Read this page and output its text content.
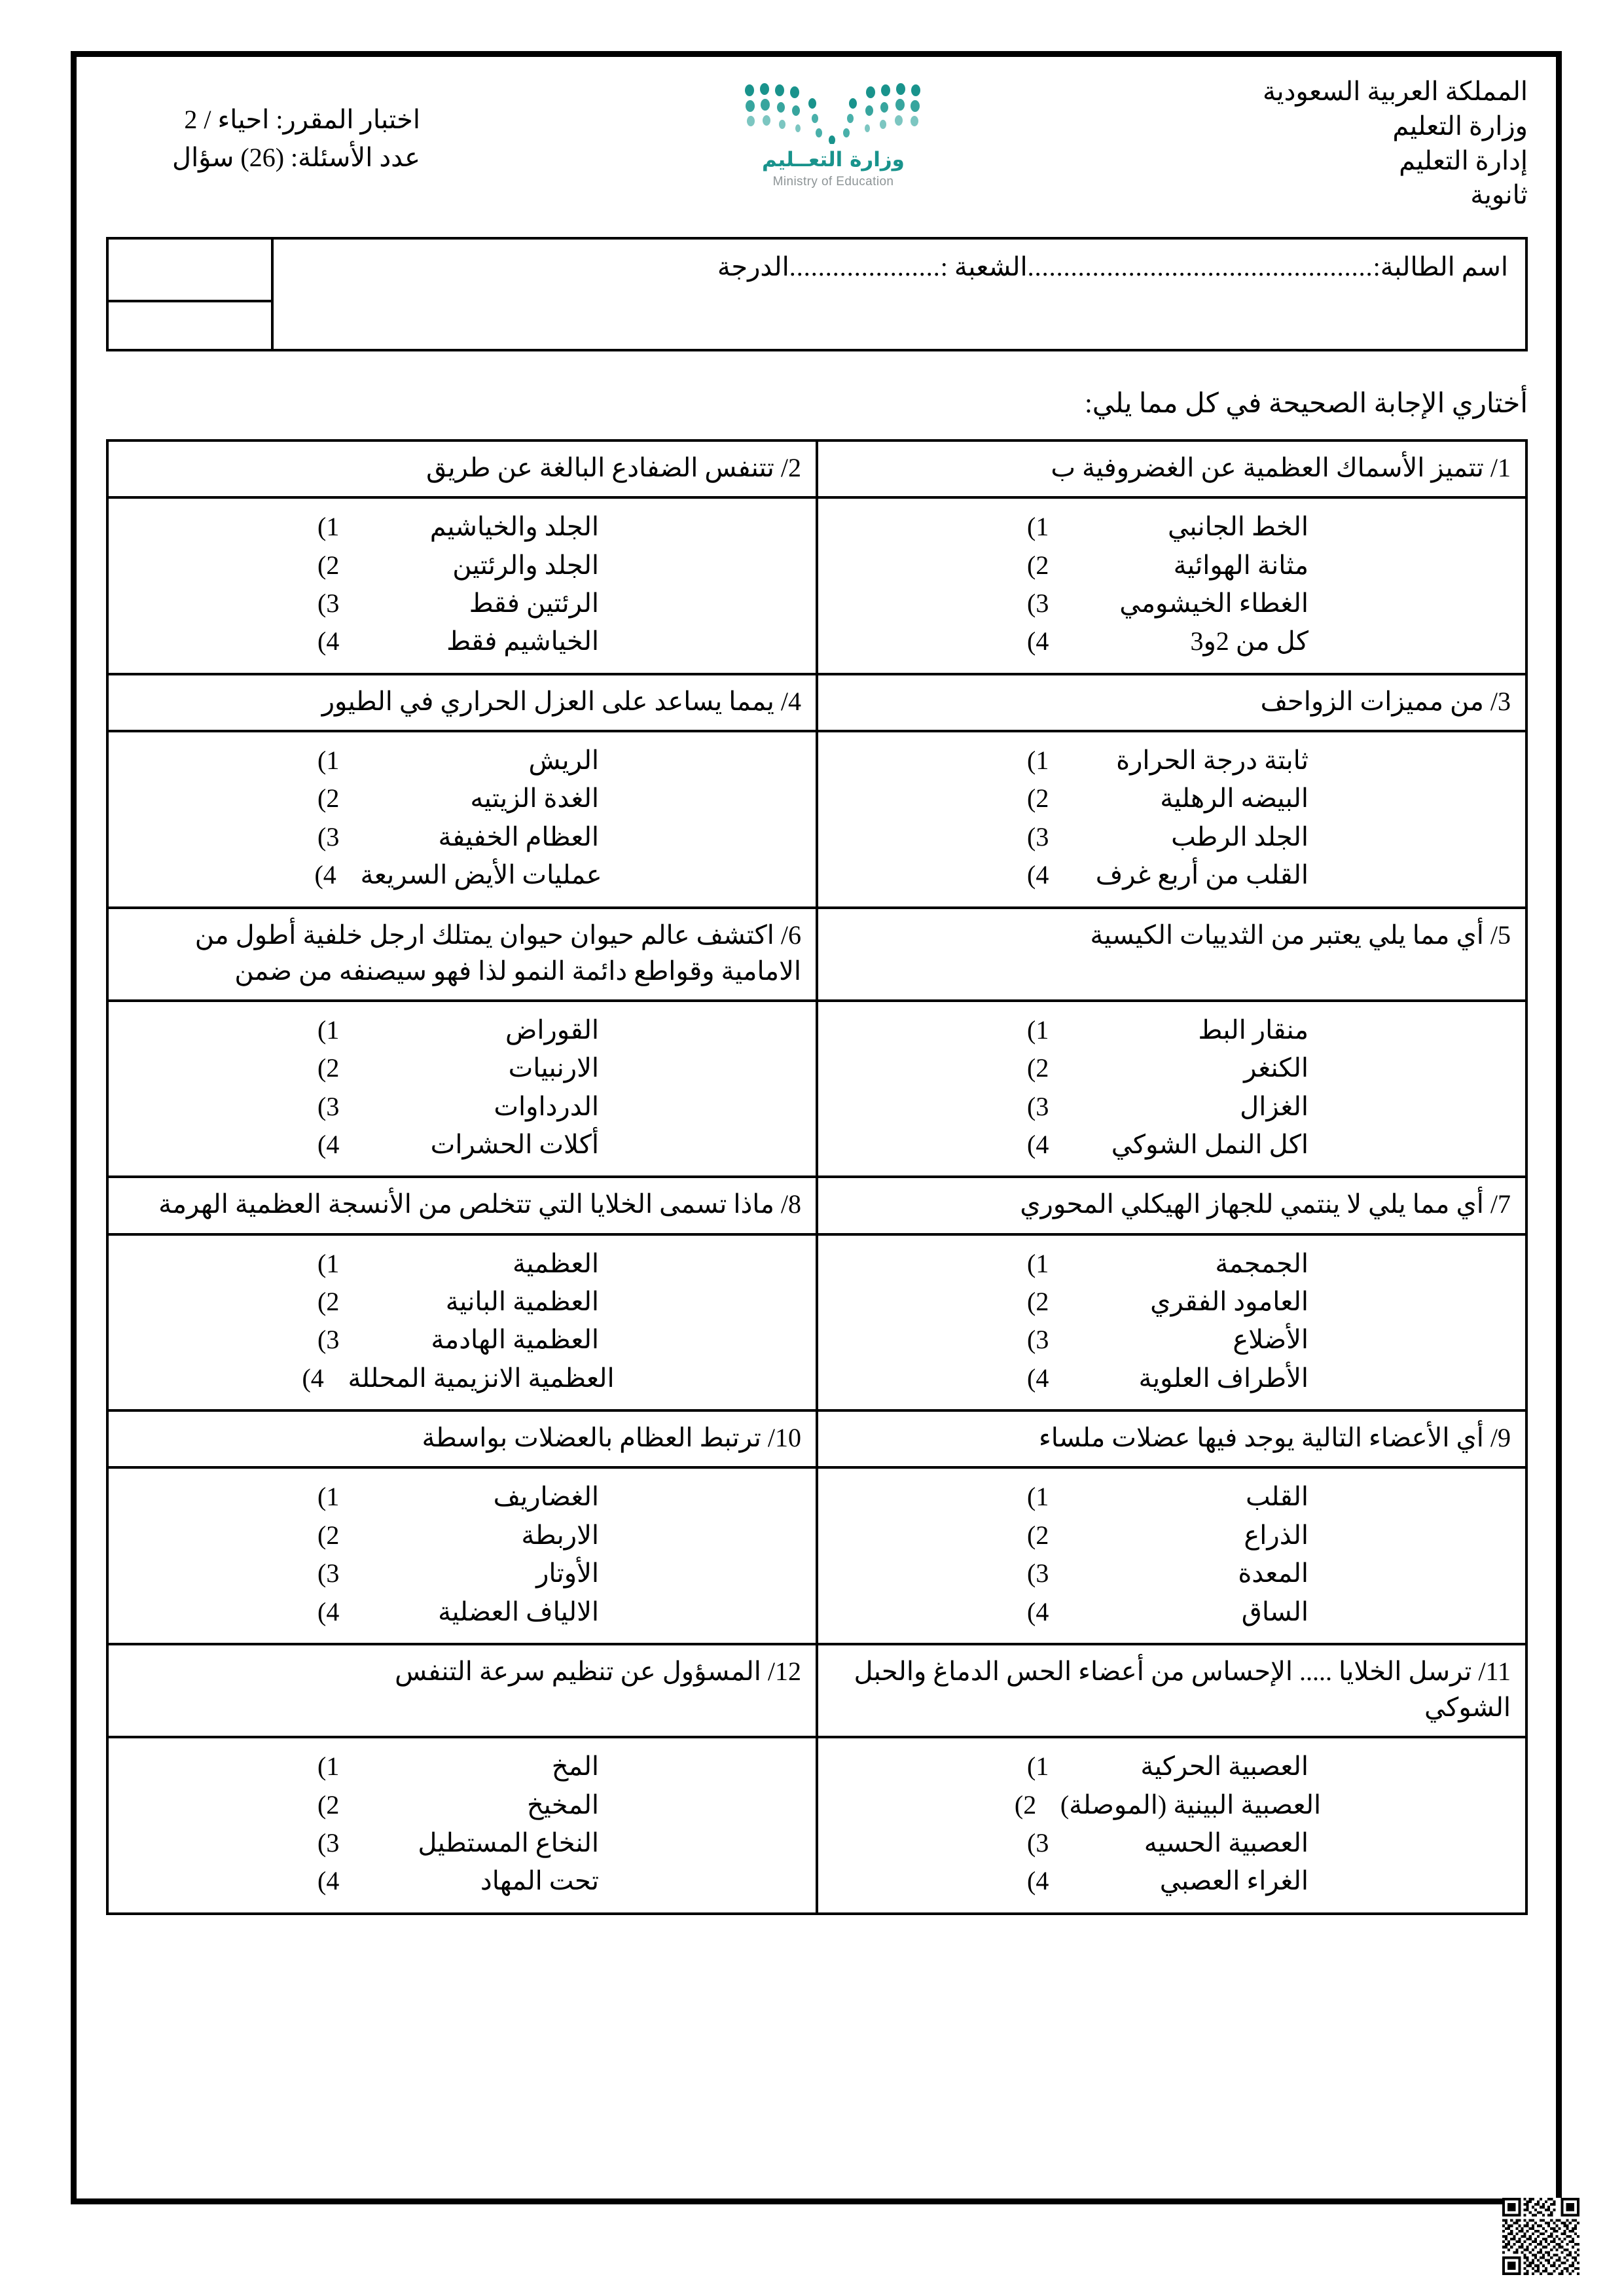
المملكة العربية السعودية
وزارة التعليم
إدارة التعليم
ثانوية
وزارة التعــليم
Ministry of Education
اختبار المقرر: احياء / 2
عدد الأسئلة: (26) سؤال
اسم الطالبة:
................................................
الشعبة :
.....................
الدرجة
أختاري الإجابة الصحيحة في كل مما يلي:
1/ تتميز الأسماك العظمية عن الغضروفية ب	2/ تتنفس الضفادع البالغة عن طريق

1)	الخط الجانبي
2)	مثانة الهوائية
3)	الغطاء الخيشومي
4)	كل من 2و3

1)	الجلد والخياشيم
2)	الجلد والرئتين
3)	الرئتين فقط
4)	الخياشيم فقط

3/ من مميزات الزواحف	4/ يمما يساعد على العزل الحراري في الطيور

1)	ثابتة درجة الحرارة
2)	البيضه الرهلية
3)	الجلد الرطب
4)	القلب من أربع غرف

1)	الريش
2)	الغدة الزيتيه
3)	العظام الخفيفة
4) عمليات الأيض السريعة

5/ أي مما يلي يعتبر من الثدييات الكيسية	6/ اكتشف عالم حيوان حيوان يمتلك ارجل خلفية أطول من الامامية وقواطع دائمة النمو لذا فهو سيصنفه من ضمن

1)	منقار البط
2)	الكنغر
3)	الغزال
4)	اكل النمل الشوكي

1)	القوراض
2)	الارنبيات
3)	الدرداوات
4)	أكلات الحشرات

7/ أي مما يلي لا ينتمي للجهاز الهيكلي المحوري	8/ ماذا تسمى الخلايا التي تتخلص من الأنسجة العظمية الهرمة

1)	الجمجمة
2)	العامود الفقري
3)	الأضلاع
4)	الأطراف العلوية

1)	العظمية
2)	العظمية البانية
3)	العظمية الهادمة
4) العظمية الانزيمية المحللة

9/ أي الأعضاء التالية يوجد فيها عضلات ملساء	10/ ترتبط العظام بالعضلات بواسطة

1)	القلب
2)	الذراع
3)	المعدة
4)	الساق

1)	الغضاريف
2)	الاربطة
3)	الأوتار
4)	الالياف العضلية

11/ ترسل الخلايا ..... الإحساس من أعضاء الحس الدماغ والحبل الشوكي	12/ المسؤول عن تنظيم سرعة التنفس

1)	العصبية الحركية
2) العصبية البينية (الموصلة)
3)	العصبية الحسيه
4)	الغراء العصبي

1)	المخ
2)	المخيخ
3)	النخاع المستطيل
4)	تحت المهاد
